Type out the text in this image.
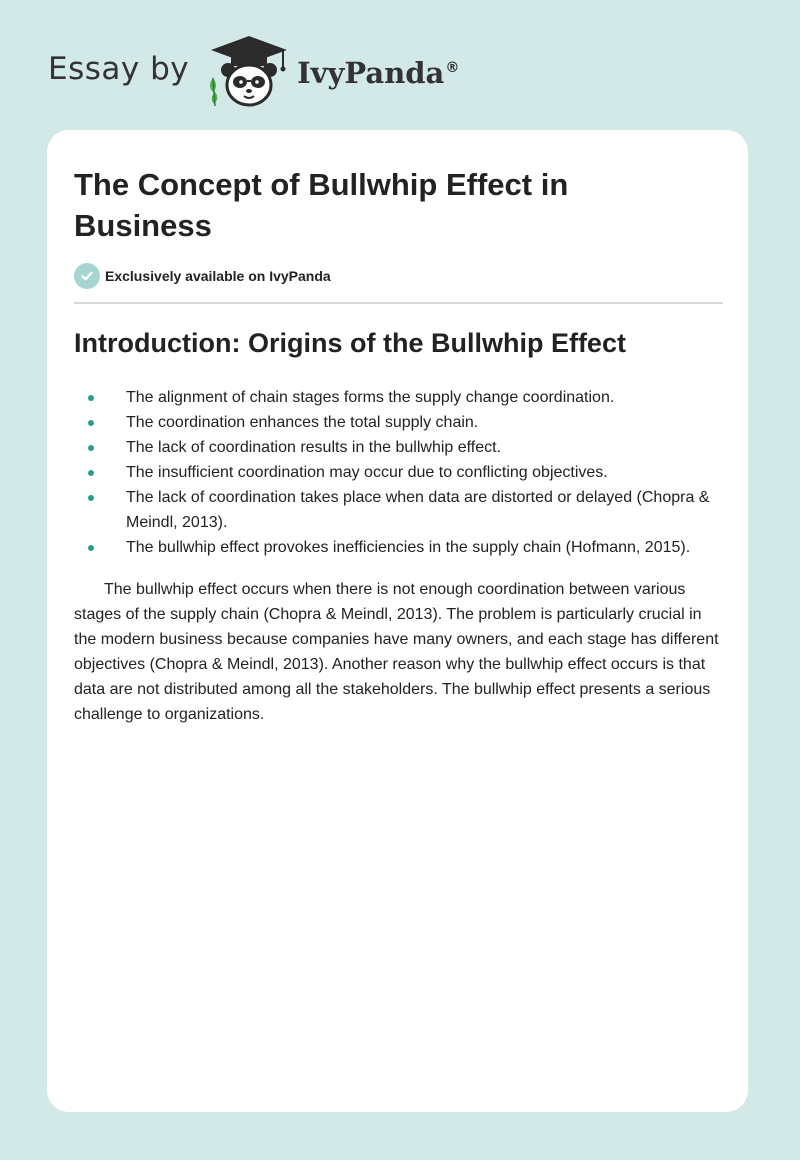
Essay by	IvyPanda®
The Concept of Bullwhip Effect in Business
Exclusively available on IvyPanda
Introduction: Origins of the Bullwhip Effect
The alignment of chain stages forms the supply change coordination.
The coordination enhances the total supply chain.
The lack of coordination results in the bullwhip effect.
The insufficient coordination may occur due to conflicting objectives.
The lack of coordination takes place when data are distorted or delayed (Chopra & Meindl, 2013).
The bullwhip effect provokes inefficiencies in the supply chain (Hofmann, 2015).

The bullwhip effect occurs when there is not enough coordination between various stages of the supply chain (Chopra & Meindl, 2013). The problem is particularly crucial in the modern business because companies have many owners, and each stage has different objectives (Chopra & Meindl, 2013). Another reason why the bullwhip effect occurs is that data are not distributed among all the stakeholders. The bullwhip effect presents a serious challenge to organizations.
